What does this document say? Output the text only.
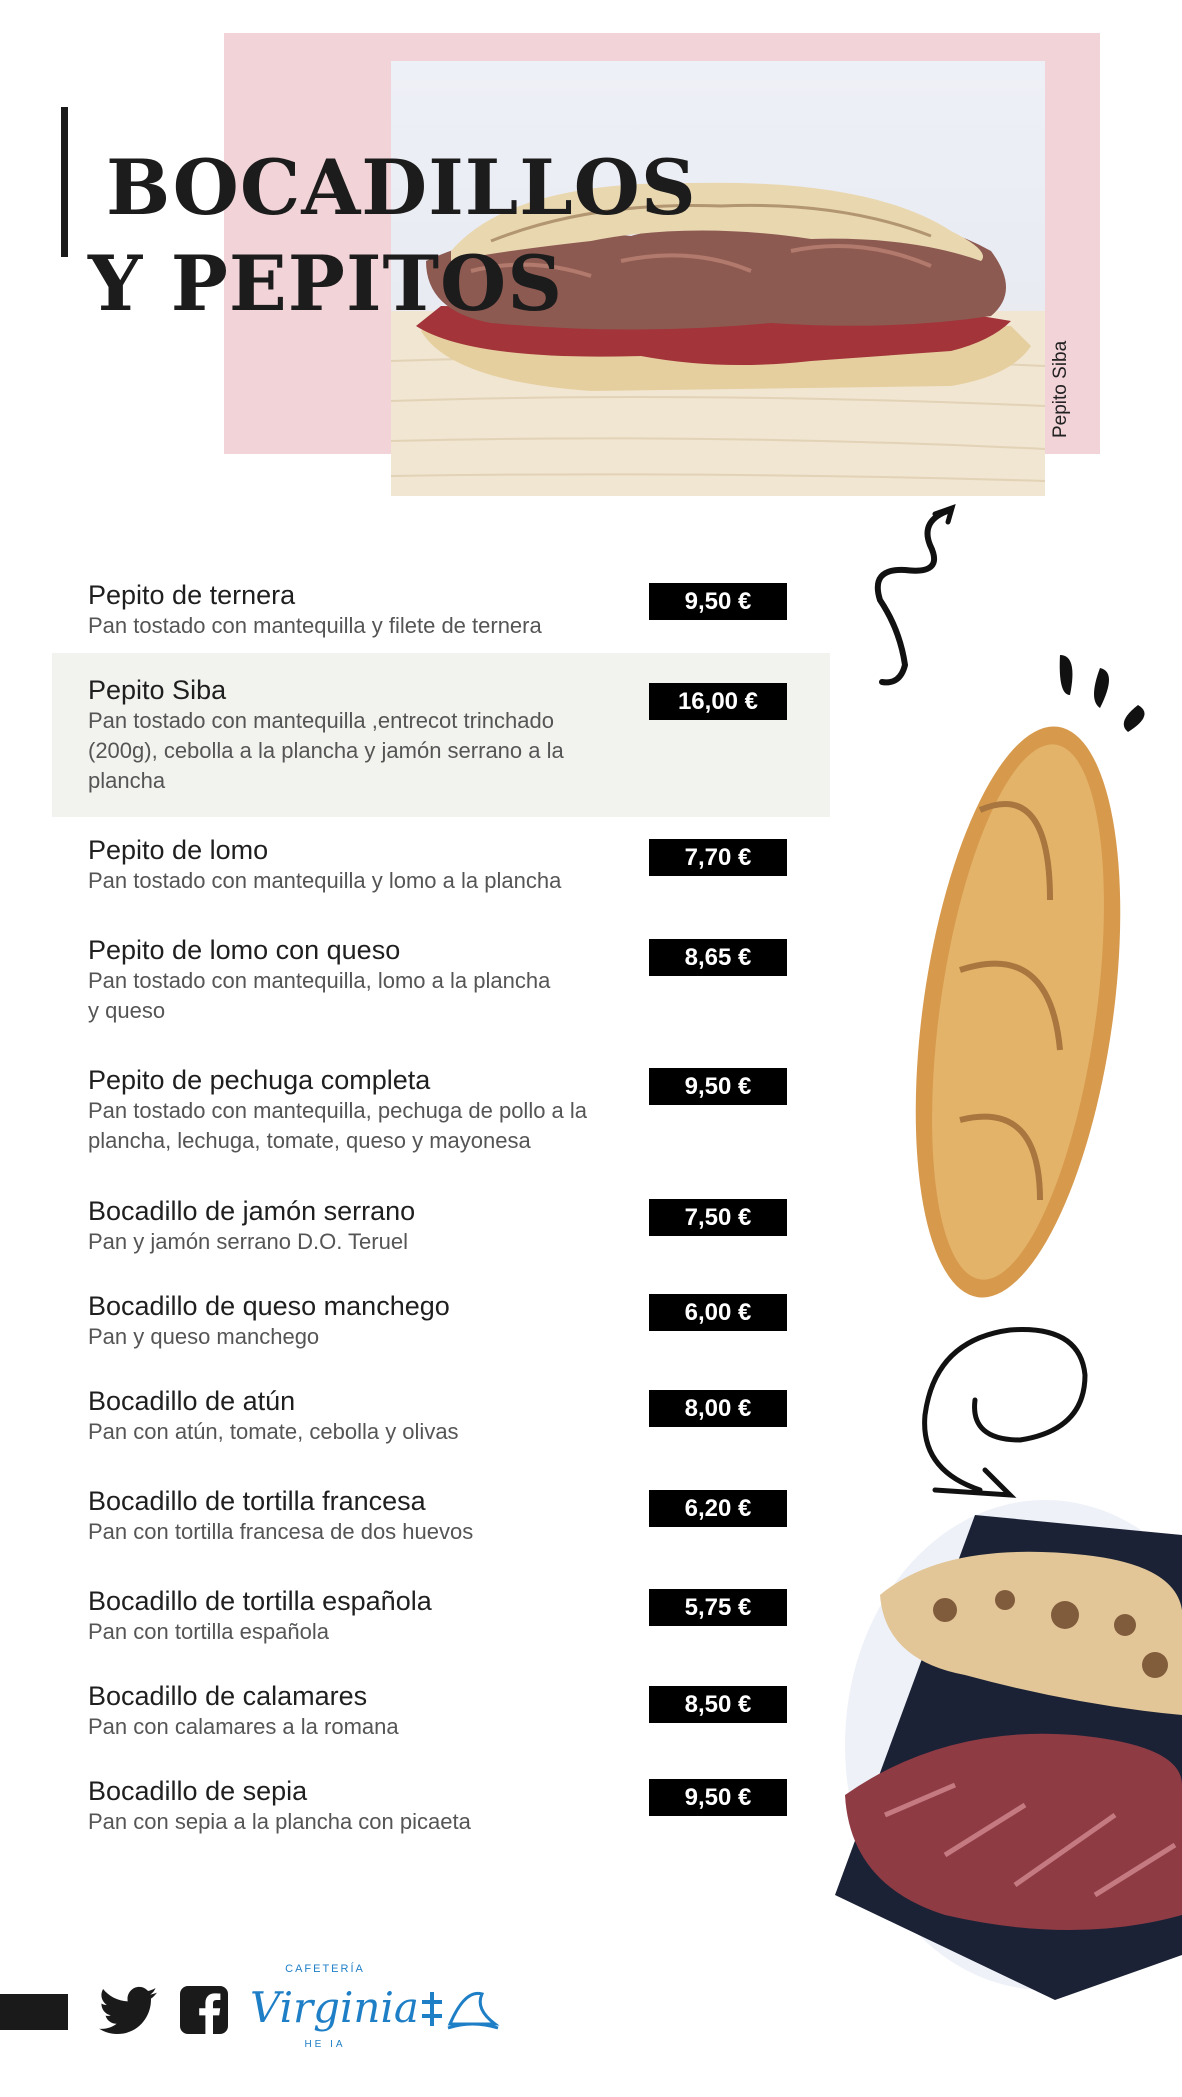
Pepito Siba
BOCADILLOS
Y PEPITOS
Pepito de ternera
Pan tostado con mantequilla y filete de ternera
9,50 €
Pepito Siba
Pan tostado con mantequilla ,entrecot trinchado
(200g), cebolla a la plancha y jamón serrano a la
plancha
16,00 €
Pepito de lomo
Pan tostado con mantequilla y lomo a la plancha
7,70 €
Pepito de lomo con queso
Pan tostado con mantequilla, lomo a la plancha
y queso
8,65 €
Pepito de pechuga completa
Pan tostado con mantequilla, pechuga de pollo a la
plancha, lechuga, tomate, queso y mayonesa
9,50 €
Bocadillo de jamón serrano
Pan y jamón serrano D.O. Teruel
7,50 €
Bocadillo de queso manchego
Pan y queso manchego
6,00 €
Bocadillo de atún
Pan con atún, tomate, cebolla y olivas
8,00 €
Bocadillo de tortilla francesa
Pan con tortilla francesa de dos huevos
6,20 €
Bocadillo de tortilla española
Pan con tortilla española
5,75 €
Bocadillo de calamares
Pan con calamares a la romana
8,50 €
Bocadillo de sepia
Pan con sepia a la plancha con picaeta
9,50 €
CAFETERÍA
Virginia
HE IA
